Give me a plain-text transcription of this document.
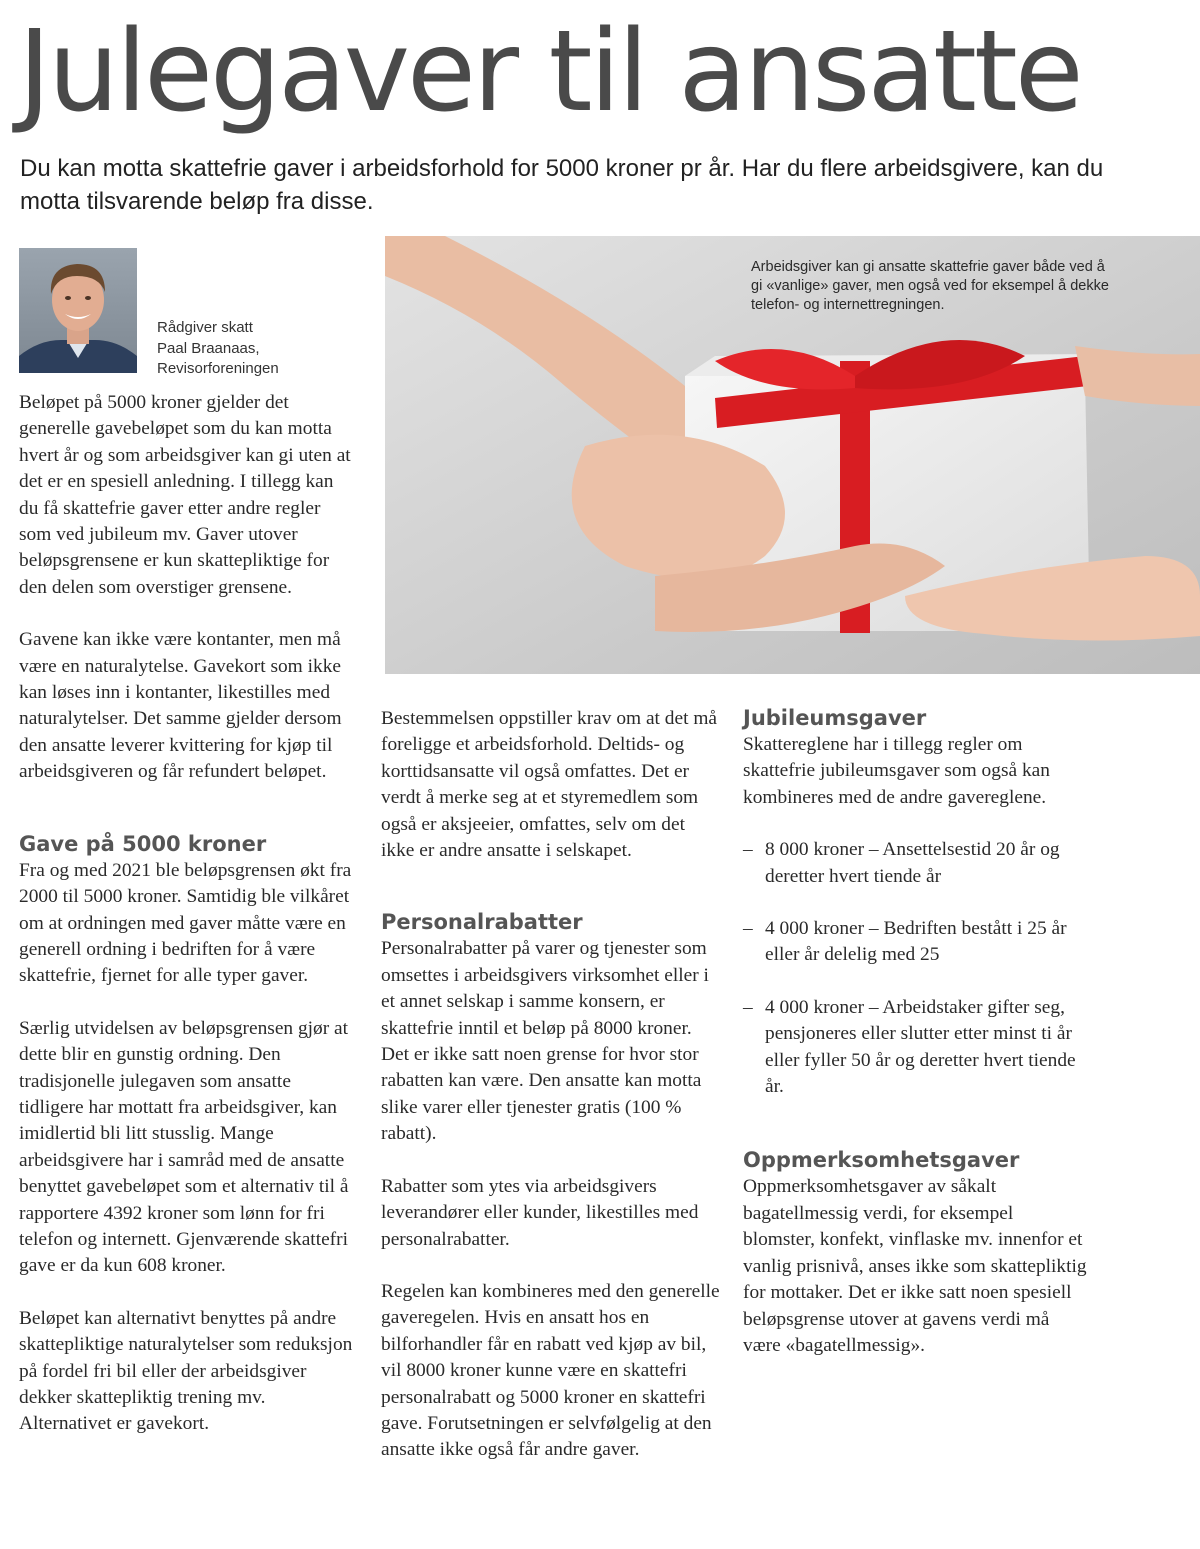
Julegaver til ansatte

Du kan motta skattefrie gaver i arbeidsforhold for 5000 kroner pr år. Har du flere arbeidsgivere, kan du motta tilsvarende beløp fra disse.

Rådgiver skatt
Paal Braanaas,
Revisorforeningen

Arbeidsgiver kan gi ansatte skattefrie gaver både ved å gi «vanlige» gaver, men også ved for eksempel å dekke telefon- og internettregningen.

Beløpet på 5000 kroner gjelder det generelle gavebeløpet som du kan motta hvert år og som arbeidsgiver kan gi uten at det er en spesiell anledning. I tillegg kan du få skattefrie gaver etter andre regler som ved jubileum mv. Gaver utover beløpsgrensene er kun skattepliktige for den delen som overstiger grensene.

Gavene kan ikke være kontanter, men må være en naturalytelse. Gavekort som ikke kan løses inn i kontanter, likestilles med naturalytelser. Det samme gjelder dersom den ansatte leverer kvittering for kjøp til arbeidsgiveren og får refundert beløpet.

Gave på 5000 kroner

Fra og med 2021 ble beløpsgrensen økt fra 2000 til 5000 kroner. Samtidig ble vilkåret om at ordningen med gaver måtte være en generell ordning i bedriften for å være skattefrie, fjernet for alle typer gaver.

Særlig utvidelsen av beløpsgrensen gjør at dette blir en gunstig ordning. Den tradisjonelle julegaven som ansatte tidligere har mottatt fra arbeidsgiver, kan imidlertid bli litt stusslig. Mange arbeidsgivere har i samråd med de ansatte benyttet gavebeløpet som et alternativ til å rapportere 4392 kroner som lønn for fri telefon og internett. Gjenværende skattefri gave er da kun 608 kroner.

Beløpet kan alternativt benyttes på andre skattepliktige naturalytelser som reduksjon på fordel fri bil eller der arbeidsgiver dekker skattepliktig trening mv. Alternativet er gavekort.

Bestemmelsen oppstiller krav om at det må foreligge et arbeidsforhold. Deltids- og korttidsansatte vil også omfattes. Det er verdt å merke seg at et styremedlem som også er aksjeeier, omfattes, selv om det ikke er andre ansatte i selskapet.

Personalrabatter

Personalrabatter på varer og tjenester som omsettes i arbeidsgivers virksomhet eller i et annet selskap i samme konsern, er skattefrie inntil et beløp på 8000 kroner. Det er ikke satt noen grense for hvor stor rabatten kan være. Den ansatte kan motta slike varer eller tjenester gratis (100 % rabatt).

Rabatter som ytes via arbeidsgivers leverandører eller kunder, likestilles med personalrabatter.

Regelen kan kombineres med den generelle gaveregelen. Hvis en ansatt hos en bilforhandler får en rabatt ved kjøp av bil, vil 8000 kroner kunne være en skattefri personalrabatt og 5000 kroner en skattefri gave. Forutsetningen er selvfølgelig at den ansatte ikke også får andre gaver.

Jubileumsgaver

Skattereglene har i tillegg regler om skattefrie jubileumsgaver som også kan kombineres med de andre gavereglene.

– 8 000 kroner – Ansettelsestid 20 år og deretter hvert tiende år
– 4 000 kroner – Bedriften bestått i 25 år eller år delelig med 25
– 4 000 kroner – Arbeidstaker gifter seg, pensjoneres eller slutter etter minst ti år eller fyller 50 år og deretter hvert tiende år.
Oppmerksomhetsgaver

Oppmerksomhetsgaver av såkalt bagatellmessig verdi, for eksempel blomster, konfekt, vinflaske mv. innenfor et vanlig prisnivå, anses ikke som skattepliktig for mottaker. Det er ikke satt noen spesiell beløpsgrense utover at gavens verdi må være «bagatellmessig».
